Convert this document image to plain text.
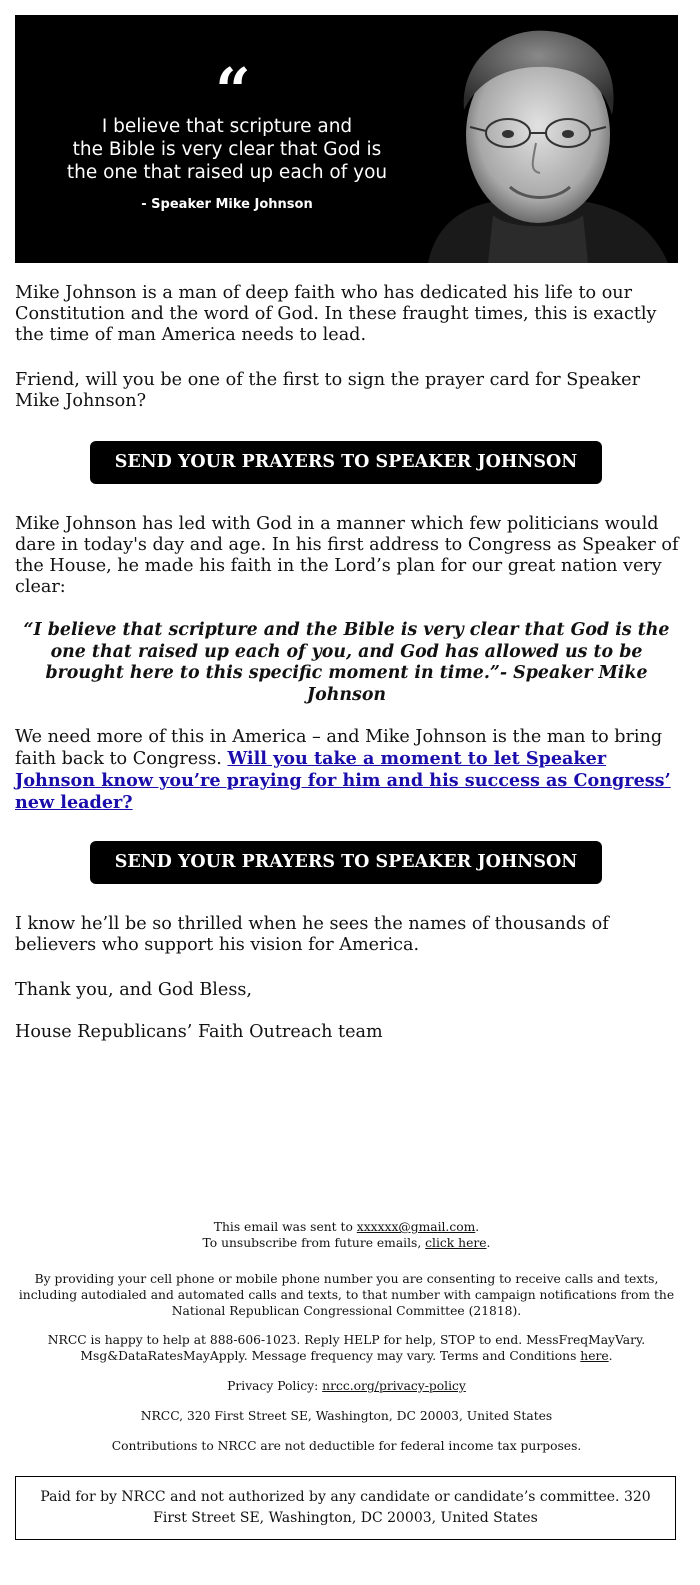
“
I believe that scripture and
the Bible is very clear that God is
the one that raised up each of you
- Speaker Mike Johnson

Mike Johnson is a man of deep faith who has dedicated his life to our Constitution and the word of God. In these fraught times, this is exactly the time of man America needs to lead.

Friend, will you be one of the first to sign the prayer card for Speaker Mike Johnson?

SEND YOUR PRAYERS TO SPEAKER JOHNSON

Mike Johnson has led with God in a manner which few politicians would dare in today's day and age. In his first address to Congress as Speaker of the House, he made his faith in the Lord’s plan for our great nation very clear:

“I believe that scripture and the Bible is very clear that God is the one that raised up each of you, and God has allowed us to be brought here to this specific moment in time.”- Speaker Mike Johnson

We need more of this in America – and Mike Johnson is the man to bring faith back to Congress. Will you take a moment to let Speaker Johnson know you’re praying for him and his success as Congress’ new leader?

SEND YOUR PRAYERS TO SPEAKER JOHNSON

I know he’ll be so thrilled when he sees the names of thousands of believers who support his vision for America.

Thank you, and God Bless,

House Republicans’ Faith Outreach team

This email was sent to xxxxxx@gmail.com.
To unsubscribe from future emails, click here.

By providing your cell phone or mobile phone number you are consenting to receive calls and texts, including autodialed and automated calls and texts, to that number with campaign notifications from the National Republican Congressional Committee (21818).

NRCC is happy to help at 888-606-1023. Reply HELP for help, STOP to end. MessFreqMayVary. Msg&DataRatesMayApply. Message frequency may vary. Terms and Conditions here.

Privacy Policy: nrcc.org/privacy-policy

NRCC, 320 First Street SE, Washington, DC 20003, United States

Contributions to NRCC are not deductible for federal income tax purposes.

Paid for by NRCC and not authorized by any candidate or candidate’s committee. 320 First Street SE, Washington, DC 20003, United States
